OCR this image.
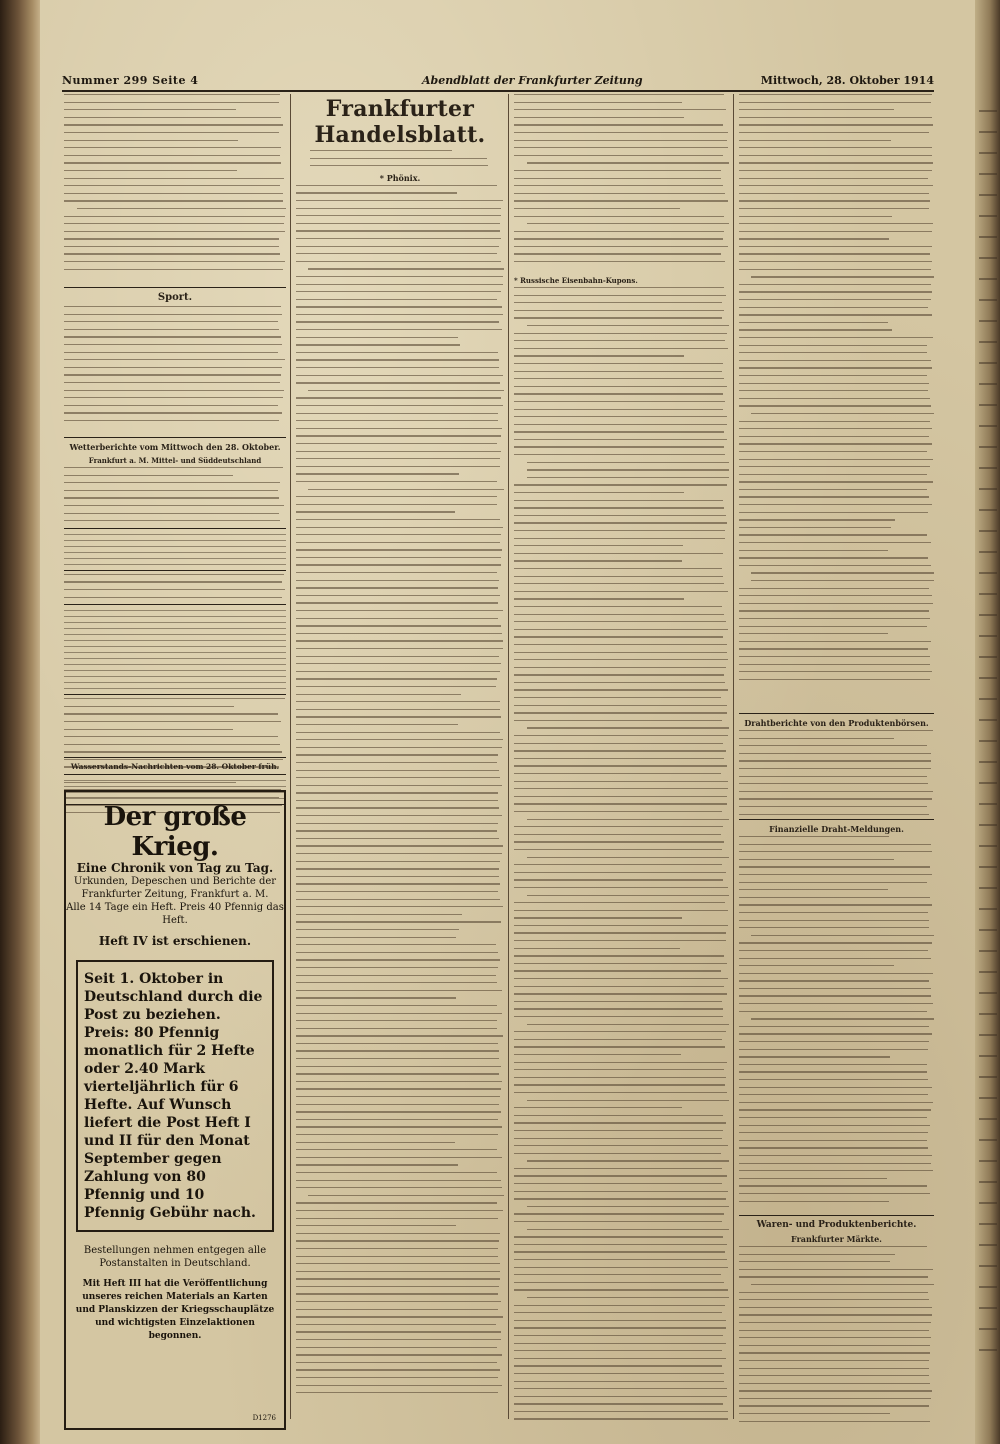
Nummer 299 Seite 4	Abendblatt der Frankfurter Zeitung	Mittwoch, 28. Oktober 1914
Sport.
Wetterberichte vom Mittwoch den 28. Oktober.
Frankfurt a. M. Mittel- und Süddeutschland
Wasserstands-Nachrichten vom 28. Oktober früh.
Der große Krieg.
Eine Chronik von Tag zu Tag.
Urkunden, Depeschen und Berichte der
Frankfurter Zeitung, Frankfurt a. M.
Alle 14 Tage ein Heft. Preis 40 Pfennig das Heft.
Heft IV ist erschienen.
Seit 1. Oktober in Deutschland durch die Post zu beziehen. Preis: 80 Pfennig monatlich für 2 Hefte oder 2.40 Mark vierteljährlich für 6 Hefte. Auf Wunsch liefert die Post Heft I und II für den Monat September gegen Zahlung von 80 Pfennig und 10 Pfennig Gebühr nach.
Bestellungen nehmen entgegen alle Postanstalten in Deutschland.
Mit Heft III hat die Veröffentlichung unseres reichen Materials an Karten und Planskizzen der Kriegsschauplätze und wichtigsten Einzelaktionen begonnen.
D1276
Frankfurter Handelsblatt.
* Phönix.
* Russische Eisenbahn-Kupons.
Drahtberichte von den Produktenbörsen.
Finanzielle Draht-Meldungen.
Waren- und Produktenberichte.
Frankfurter Märkte.
